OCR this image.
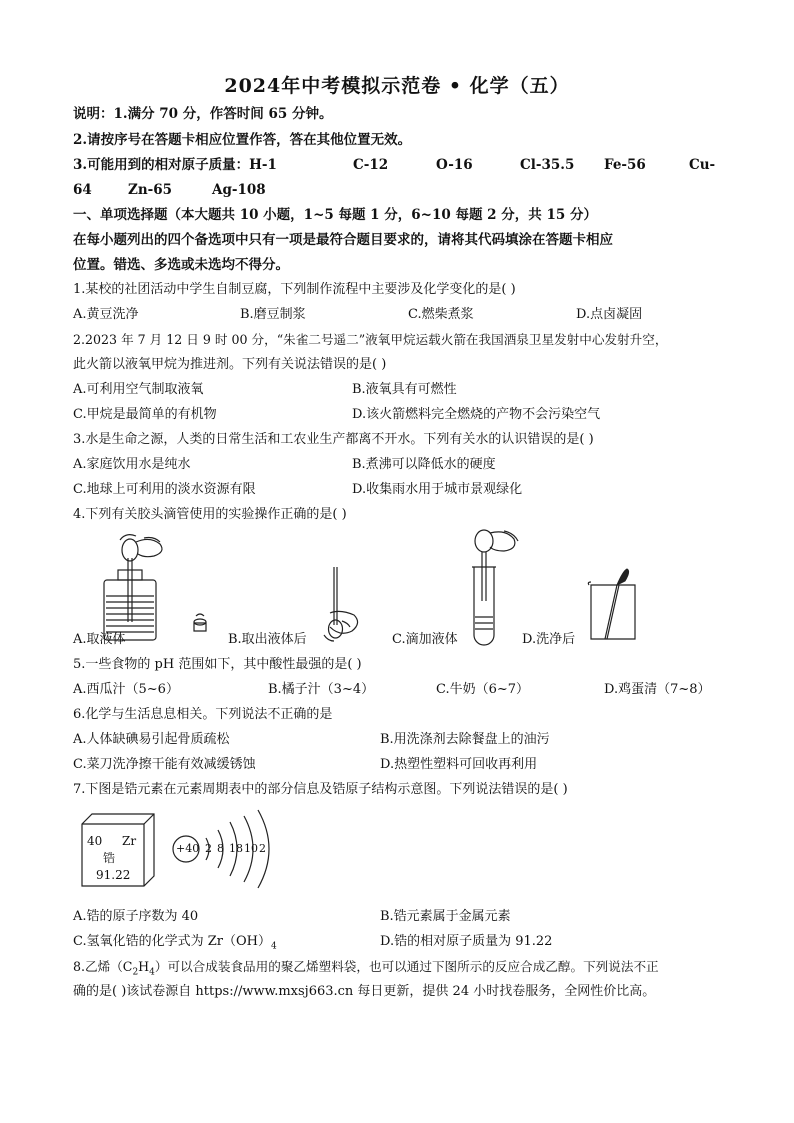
2024年中考模拟示范卷 • 化学（五）
说明：1.满分 70 分，作答时间 65 分钟。
2.请按序号在答题卡相应位置作答，答在其他位置无效。
3.可能用到的相对原子质量：H-1	C-12	O-16	Cl-35.5 Fe-56	Cu-
64	Zn-65	Ag-108
一、单项选择题（本大题共 10 小题，1~5 每题 1 分，6~10 每题 2 分，共 15 分）
在每小题列出的四个备选项中只有一项是最符合题目要求的，请将其代码填涂在答题卡相应
位置。错选、多选或未选均不得分。
1.某校的社团活动中学生自制豆腐，下列制作流程中主要涉及化学变化的是( )
A.黄豆洗净	B.磨豆制浆	C.燃柴煮浆	D.点卤凝固
2.2023 年 7 月 12 日 9 时 00 分，“朱雀二号遥二”液氧甲烷运载火箭在我国酒泉卫星发射中心发射升空，
此火箭以液氧甲烷为推进剂。下列有关说法错误的是( )
A.可利用空气制取液氧	B.液氧具有可燃性
C.甲烷是最简单的有机物	D.该火箭燃料完全燃烧的产物不会污染空气
3.水是生命之源，人类的日常生活和工农业生产都离不开水。下列有关水的认识错误的是( )
A.家庭饮用水是纯水	B.煮沸可以降低水的硬度
C.地球上可利用的淡水资源有限	D.收集雨水用于城市景观绿化
4.下列有关胶头滴管使用的实验操作正确的是( )
A.取液体	B.取出液体后	C.滴加液体	D.洗净后
5.一些食物的 pH 范围如下，其中酸性最强的是( )
A.西瓜汁（5~6）	B.橘子汁（3~4）	C.牛奶（6~7）	D.鸡蛋清（7~8）
6.化学与生活息息相关。下列说法不正确的是
A.人体缺碘易引起骨质疏松	B.用洗涤剂去除餐盘上的油污
C.菜刀洗净擦干能有效减缓锈蚀	D.热塑性塑料可回收再利用
7.下图是锆元素在元素周期表中的部分信息及锆原子结构示意图。下列说法错误的是( )
40 Zr
锆
91.22
+40 2 8 18 10 2
A.锆的原子序数为 40	B.锆元素属于金属元素
C.氢氧化锆的化学式为 $Zr(OH)_4$	D.锆的相对原子质量为 91.22
8.乙烯$(C_2H_4)$可以合成装食品用的聚乙烯塑料袋，也可以通过下图所示的反应合成乙醇。下列说法不正
确的是( )该试卷源自 https://www.mxsj663.cn 每日更新，提供 24 小时找卷服务，全网性价比高。
